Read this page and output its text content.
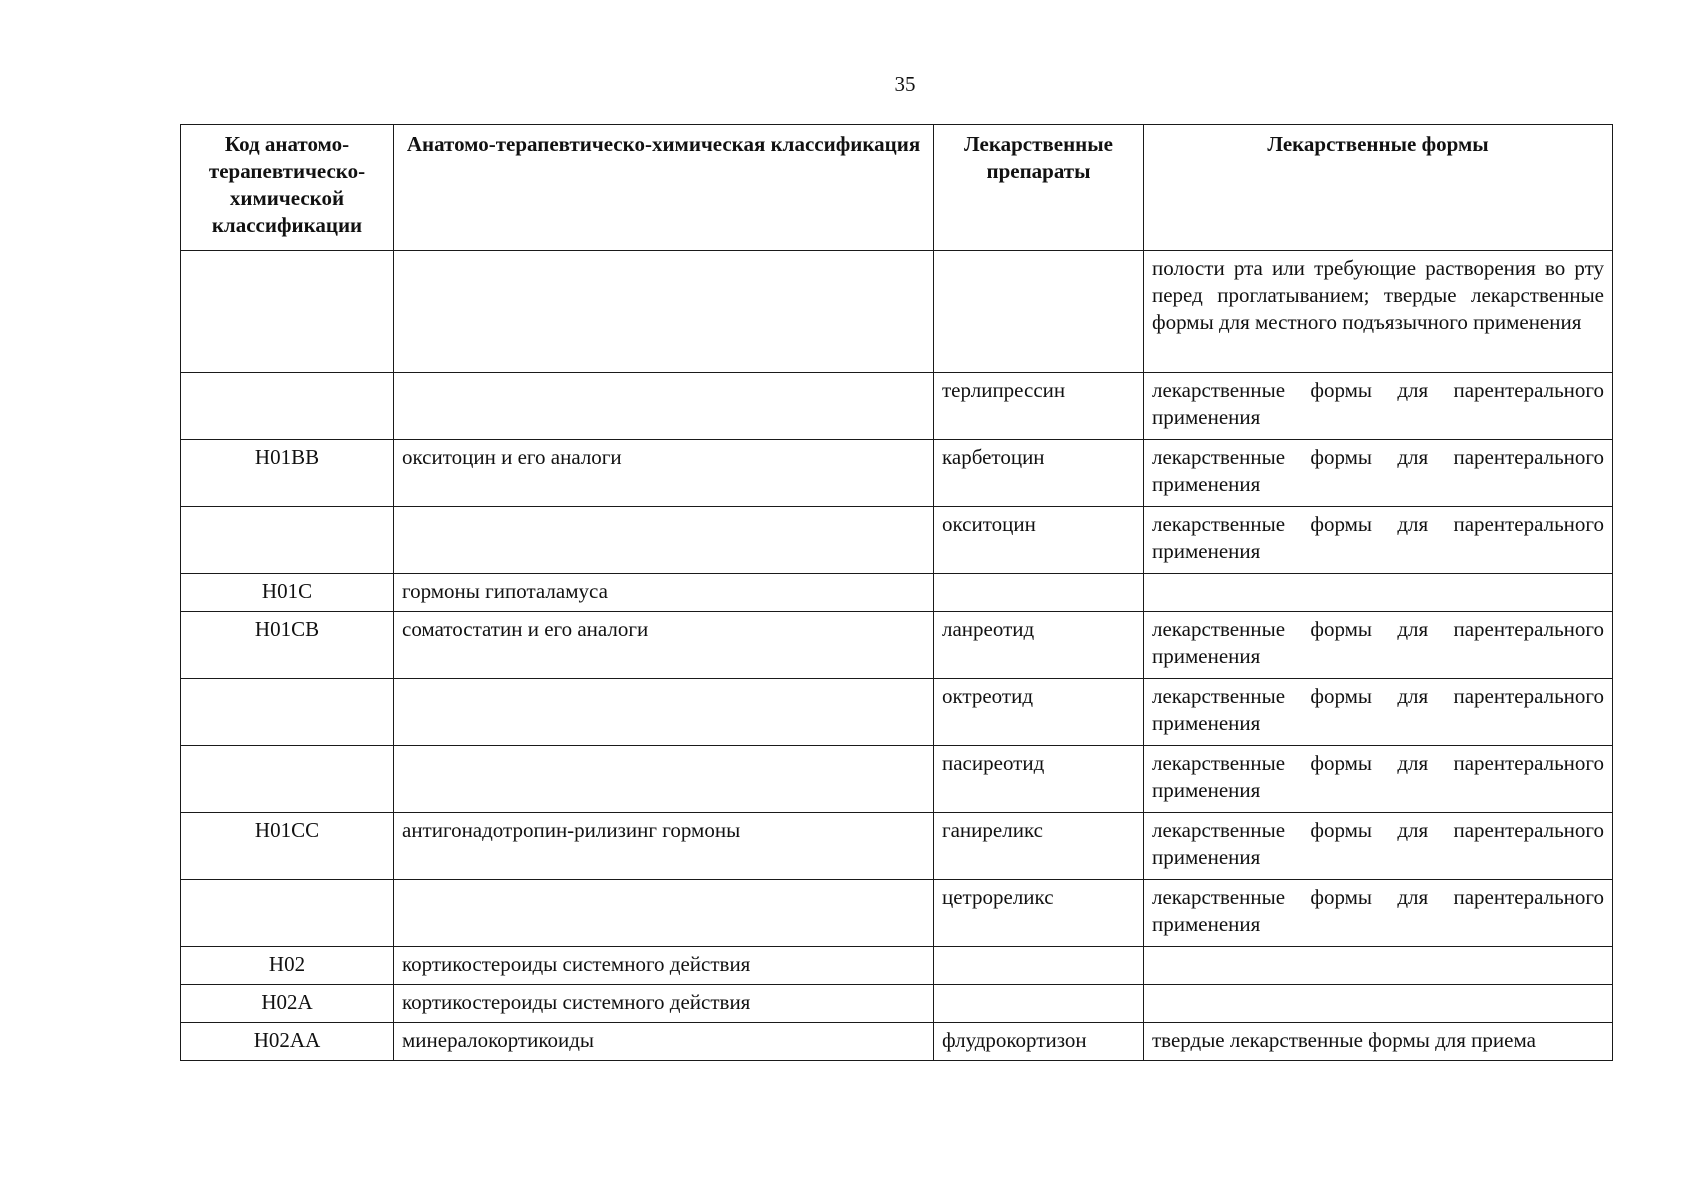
35
Код анатомо-терапевтическо-химической классификации	Анатомо-терапевтическо-химическая классификация	Лекарственные препараты	Лекарственные формы
			полости рта или требующие растворения во рту перед проглатыванием; твердые лекарственные формы для местного подъязычного применения
		терлипрессин	лекарственные формы для парентерального применения
H01BB	окситоцин и его аналоги	карбетоцин	лекарственные формы для парентерального применения
		окситоцин	лекарственные формы для парентерального применения
H01C	гормоны гипоталамуса		
H01CB	соматостатин и его аналоги	ланреотид	лекарственные формы для парентерального применения
		октреотид	лекарственные формы для парентерального применения
		пасиреотид	лекарственные формы для парентерального применения
H01CC	антигонадотропин-рилизинг гормоны	ганиреликс	лекарственные формы для парентерального применения
		цетрореликс	лекарственные формы для парентерального применения
H02	кортикостероиды системного действия		
H02A	кортикостероиды системного действия		
H02AA	минералокортикоиды	флудрокортизон	твердые лекарственные формы для приема
